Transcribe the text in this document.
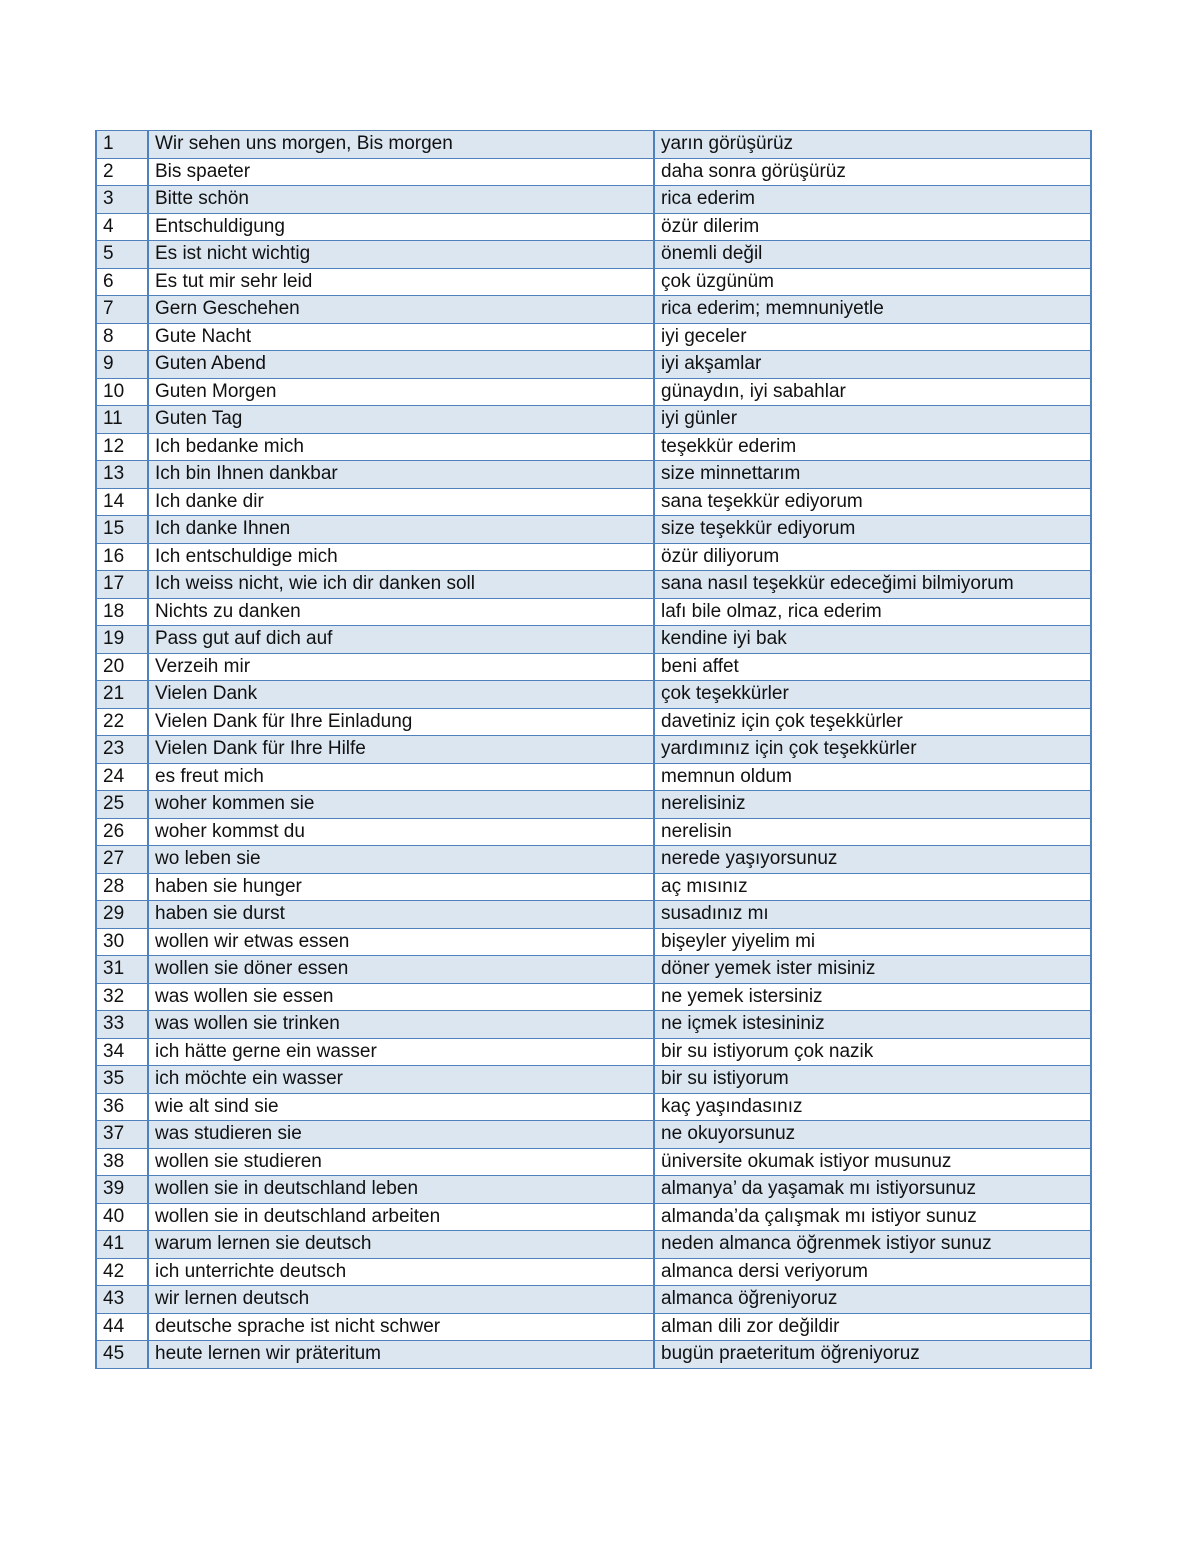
1	Wir sehen uns morgen, Bis morgen	yarın görüşürüz
2	Bis spaeter	daha sonra görüşürüz
3	Bitte schön	rica ederim
4	Entschuldigung	özür dilerim
5	Es ist nicht wichtig	önemli değil
6	Es tut mir sehr leid	çok üzgünüm
7	Gern Geschehen	rica ederim; memnuniyetle
8	Gute Nacht	iyi geceler
9	Guten Abend	iyi akşamlar
10	Guten Morgen	günaydın, iyi sabahlar
11	Guten Tag	iyi günler
12	Ich bedanke mich	teşekkür ederim
13	Ich bin Ihnen dankbar	size minnettarım
14	Ich danke dir	sana teşekkür ediyorum
15	Ich danke Ihnen	size teşekkür ediyorum
16	Ich entschuldige mich	özür diliyorum
17	Ich weiss nicht, wie ich dir danken soll	sana nasıl teşekkür edeceğimi bilmiyorum
18	Nichts zu danken	lafı bile olmaz, rica ederim
19	Pass gut auf dich auf	kendine iyi bak
20	Verzeih mir	beni affet
21	Vielen Dank	çok teşekkürler
22	Vielen Dank für Ihre Einladung	davetiniz için çok teşekkürler
23	Vielen Dank für Ihre Hilfe	yardımınız için çok teşekkürler
24	es freut mich	memnun oldum
25	woher kommen sie	nerelisiniz
26	woher kommst du	nerelisin
27	wo leben sie	nerede yaşıyorsunuz
28	haben sie hunger	aç mısınız
29	haben sie durst	susadınız mı
30	wollen wir etwas essen	bişeyler yiyelim mi
31	wollen sie döner essen	döner yemek ister misiniz
32	was wollen sie essen	ne yemek istersiniz
33	was wollen sie trinken	ne içmek istesininiz
34	ich hätte gerne ein wasser	bir su istiyorum çok nazik
35	ich möchte ein wasser	bir su istiyorum
36	wie alt sind sie	kaç yaşındasınız
37	was studieren sie	ne okuyorsunuz
38	wollen sie studieren	üniversite okumak istiyor musunuz
39	wollen sie in deutschland leben	almanya’ da yaşamak mı istiyorsunuz
40	wollen sie in deutschland arbeiten	almanda’da çalışmak mı istiyor sunuz
41	warum lernen sie deutsch	neden almanca öğrenmek istiyor sunuz
42	ich unterrichte deutsch	almanca dersi veriyorum
43	wir lernen deutsch	almanca öğreniyoruz
44	deutsche sprache ist nicht schwer	alman dili zor değildir
45	heute lernen wir präteritum	bugün praeteritum öğreniyoruz
